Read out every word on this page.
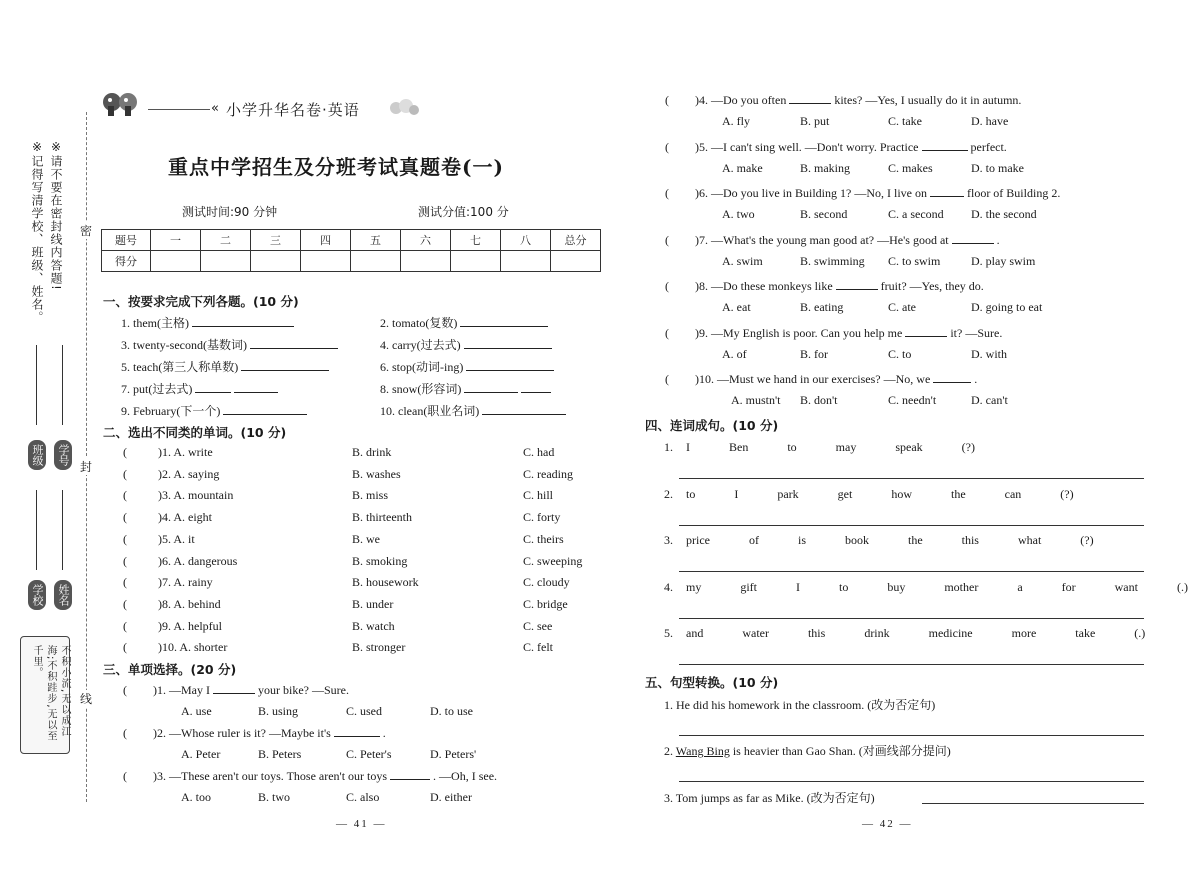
※请不要在密封线内答题!
※记得写清学校、班级、姓名。
班级 学号
学校 姓名
不积小流,无以成江海;不积跬步,无以至千里。
密
封
线
« 小学升华名卷·英语
重点中学招生及分班考试真题卷(一)
测试时间:90 分钟	测试分值:100 分
题号	一	二	三	四	五	六	七	八	总分
得分									
一、按要求完成下列各题。(10 分)
1. them(主格)	2. tomato(复数)
3. twenty-second(基数词)	4. carry(过去式)
5. teach(第三人称单数)	6. stop(动词-ing)
7. put(过去式)	8. snow(形容词)
9. February(下一个)	10. clean(职业名词)
二、选出不同类的单词。(10 分)
(	)1. A. write	B. drink	C. had
(	)2. A. saying	B. washes	C. reading
(	)3. A. mountain	B. miss	C. hill
(	)4. A. eight	B. thirteenth	C. forty
(	)5. A. it	B. we	C. theirs
(	)6. A. dangerous	B. smoking	C. sweeping
(	)7. A. rainy	B. housework	C. cloudy
(	)8. A. behind	B. under	C. bridge
(	)9. A. helpful	B. watch	C. see
(	)10. A. shorter	B. stronger	C. felt
三、单项选择。(20 分)
( )1. —May I	your bike? —Sure.
A. use	B. using	C. used	D. to use
( )2. —Whose ruler is it? —Maybe it's	.
A. Peter	B. Peters	C. Peter's	D. Peters'
( )3. —These aren't our toys. Those aren't our toys	. —Oh, I see.
A. too	B. two	C. also	D. either
( )4. —Do you often	kites? —Yes, I usually do it in autumn.
A. fly	B. put	C. take	D. have
( )5. —I can't sing well. —Don't worry. Practice	perfect.
A. make	B. making	C. makes	D. to make
( )6. —Do you live in Building 1? —No, I live on	floor of Building 2.
A. two	B. second	C. a second D. the second
( )7. —What's the young man good at? —He's good at	.
A. swim	B. swimming C. to swim	D. play swim
( )8. —Do these monkeys like	fruit? —Yes, they do.
A. eat	B. eating	C. ate	D. going to eat
( )9. —My English is poor. Can you help me	it? —Sure.
A. of	B. for	C. to	D. with
( )10. —Must we hand in our exercises? —No, we	.
A. mustn't B. don't	C. needn't	D. can't
— 41 —
四、连词成句。(10 分)
1. I   Ben   to   may   speak   (?)
2. to   I   park   get   how   the   can   (?)
3. price   of   is   book   the   this   what   (?)
4. my   gift   I   to   buy   mother   a   for   want   (.)
5. and   water   this   drink   medicine   more   take   (.)
五、句型转换。(10 分)
1. He did his homework in the classroom. (改为否定句)
2. Wang Bing is heavier than Gao Shan. (对画线部分提问)
3. Tom jumps as far as Mike. (改为否定句)
— 42 —
